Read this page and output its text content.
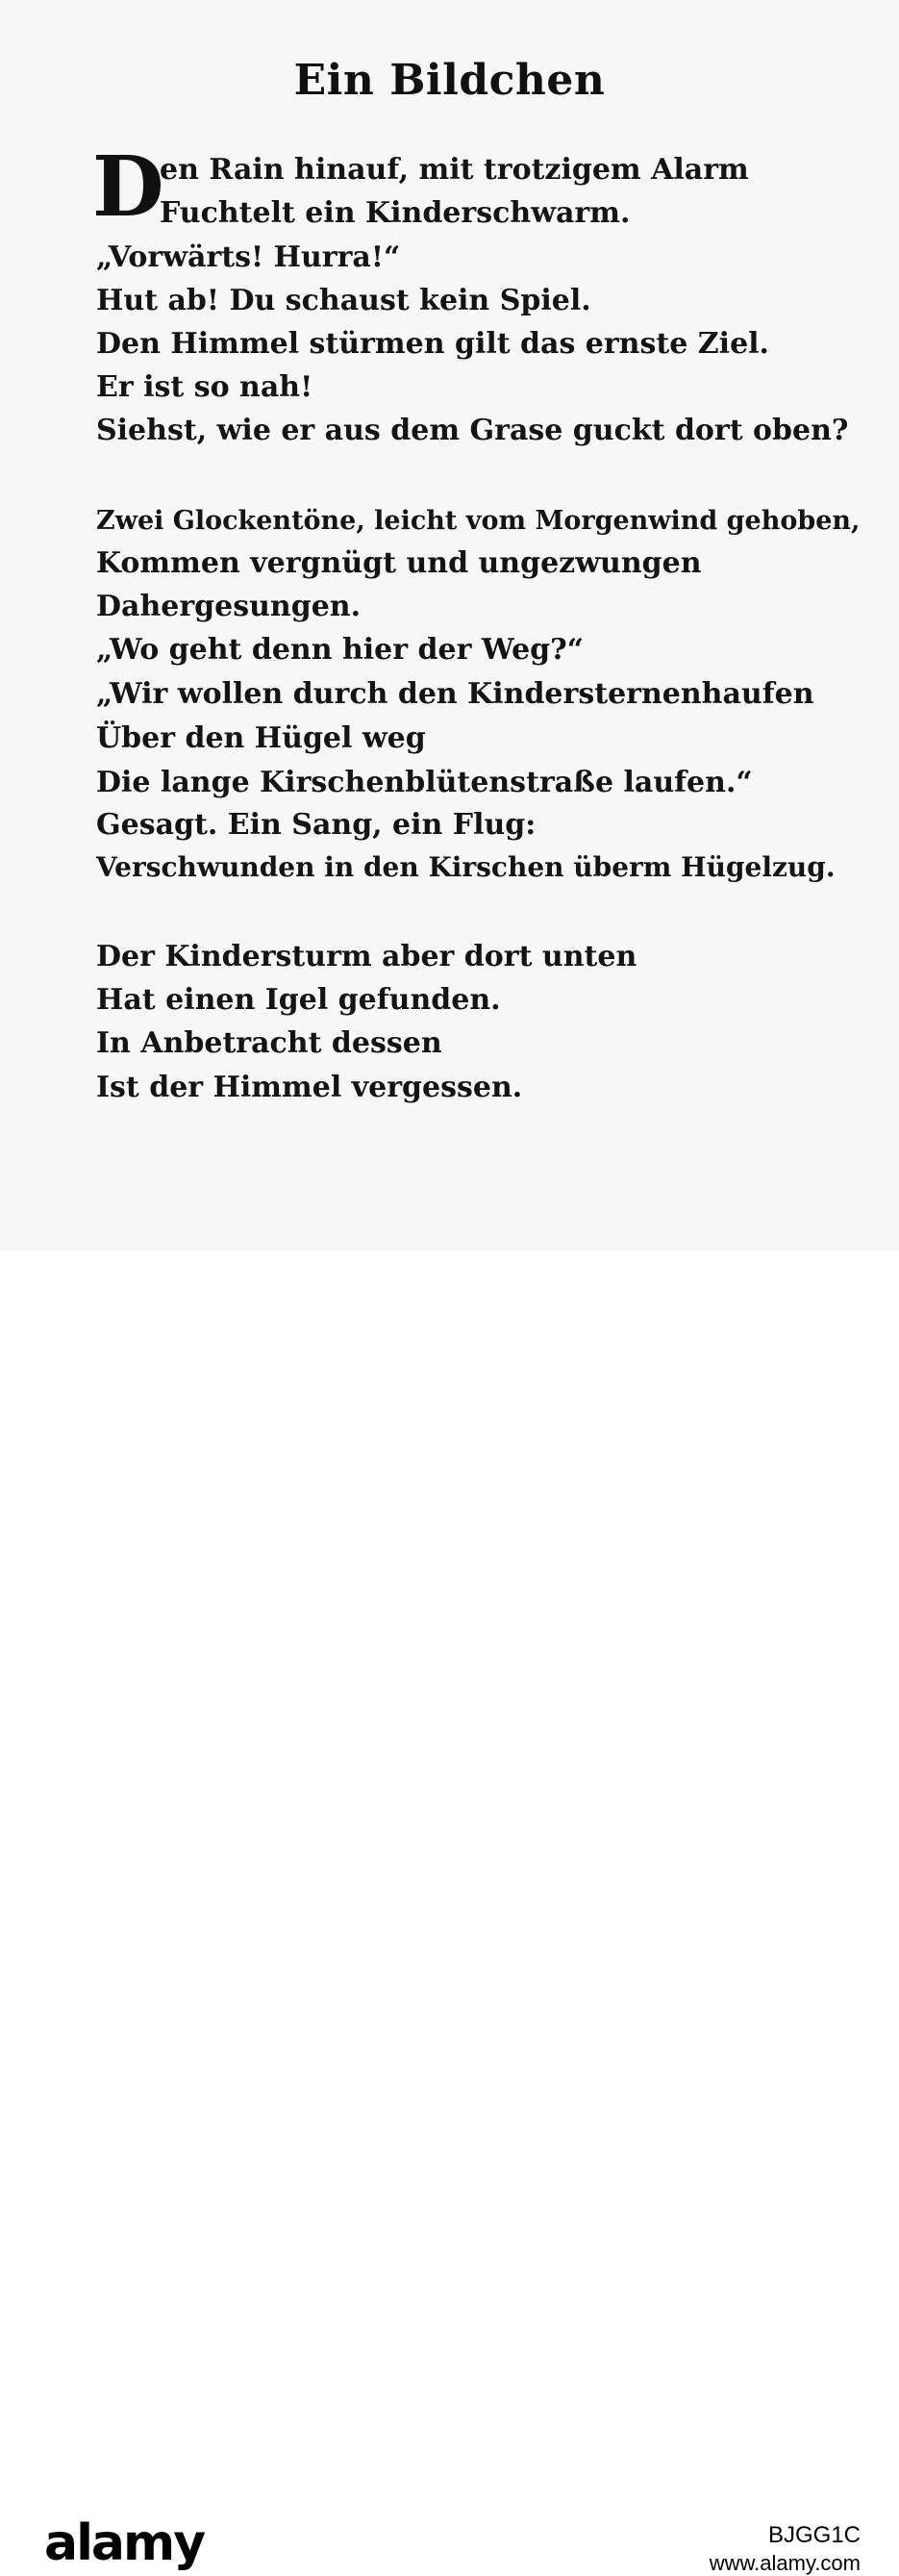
Ein Bildchen
D

en Rain hinauf, mit trotzigem Alarm

Fuchtelt ein Kinderschwarm.

„Vorwärts! Hurra!“

Hut ab! Du schaust kein Spiel.

Den Himmel stürmen gilt das ernste Ziel.

Er ist so nah!

Siehst, wie er aus dem Grase guckt dort oben?

Zwei Glockentöne, leicht vom Morgenwind gehoben,

Kommen vergnügt und ungezwungen

Dahergesungen.

„Wo geht denn hier der Weg?“

„Wir wollen durch den Kindersternenhaufen

Über den Hügel weg

Die lange Kirschenblütenstraße laufen.“

Gesagt. Ein Sang, ein Flug:

Verschwunden in den Kirschen überm Hügelzug.

Der Kindersturm aber dort unten

Hat einen Igel gefunden.

In Anbetracht dessen

Ist der Himmel vergessen.

alamy	BJGG1C

www.alamy.com
